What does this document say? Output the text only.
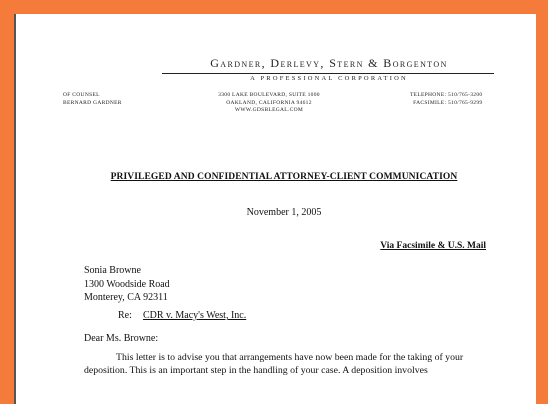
Gardner, Derlevy, Stern & Borgenton
A PROFESSIONAL CORPORATION
OF COUNSEL
BERNARD GARDNER
3300 LAKE BOULEVARD, SUITE 1000
OAKLAND, CALIFORNIA 94612
WWW.GDSBLEGAL.COM
TELEPHONE: 510/765-3200
FACSIMILE: 510/765-9299
PRIVILEGED AND CONFIDENTIAL ATTORNEY-CLIENT COMMUNICATION
November 1, 2005
Via Facsimile & U.S. Mail
Sonia Browne
1300 Woodside Road
Monterey, CA 92311
Re: CDR v. Macy's West, Inc.
Dear Ms. Browne:

This letter is to advise you that arrangements have now been made for the taking of your

deposition. This is an important step in the handling of your case. A deposition involves
